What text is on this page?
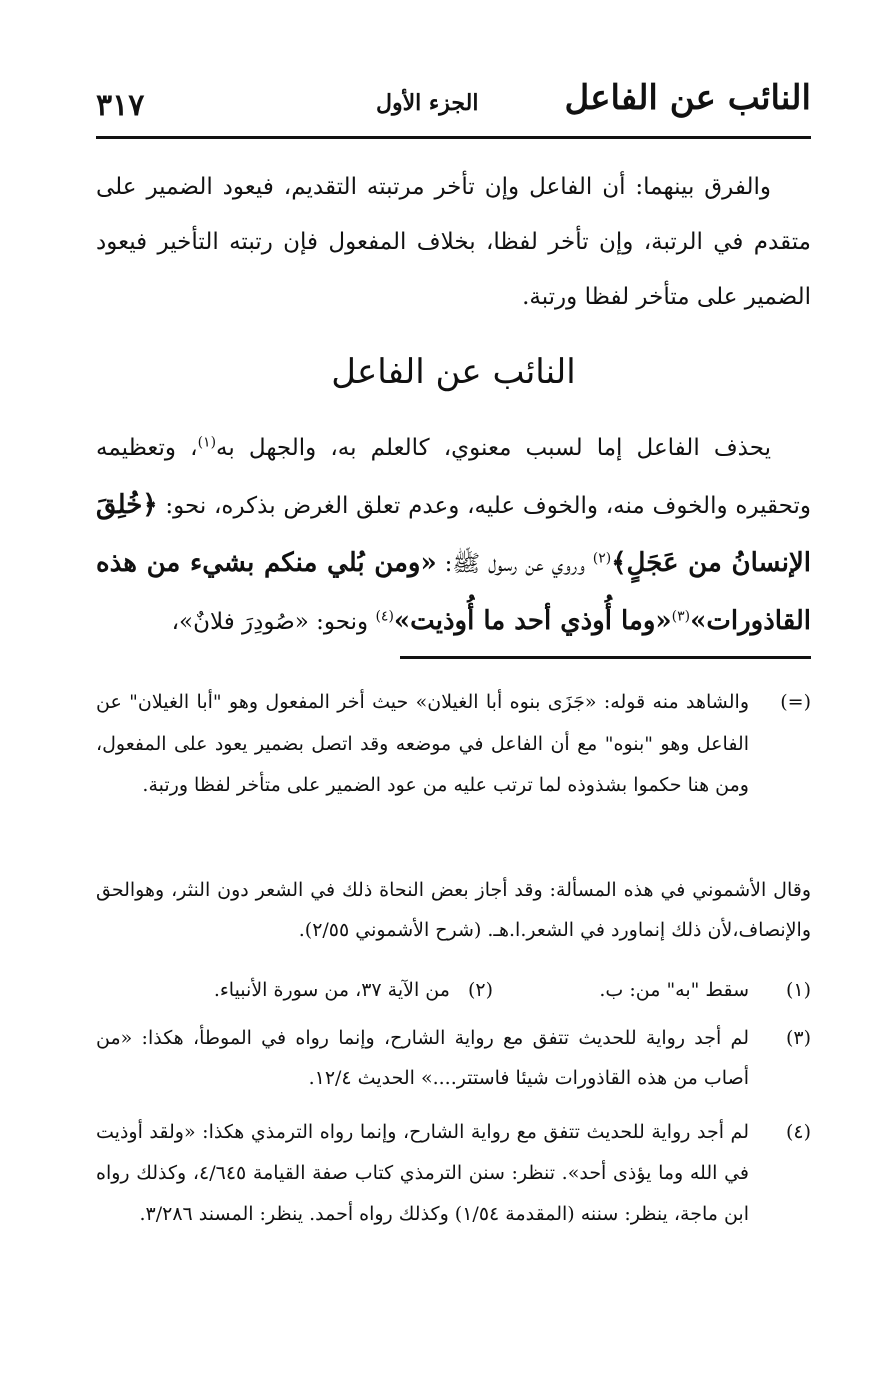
النائب عن الفاعل
الجزء الأول
٣١٧

والفرق بينهما: أن الفاعل وإن تأخر مرتبته التقديم، فيعود الضمير على متقدم في الرتبة، وإن تأخر لفظا، بخلاف المفعول فإن رتبته التأخير فيعود الضمير على متأخر لفظا ورتبة.

النائب عن الفاعل

يحذف الفاعل إما لسبب معنوي، كالعلم به، والجهل به$^{(١)}$، وتعظيمه وتحقيره والخوف منه، والخوف عليه، وعدم تعلق الغرض بذكره، نحو: ﴿خُلِقَ الإنسانُ من عَجَلٍ﴾$^{(٢)}$ وروي عن رسول ﷺ: «ومن بُلي منكم بشيء من هذه القاذورات»$^{(٣)}$«وما أُوذي أحد ما أُوذيت»$^{(٤)}$ ونحو: «صُودِرَ فلانٌ»،

(=)
والشاهد منه قوله: «جَزَى بنوه أبا الغيلان» حيث أخر المفعول وهو "أبا الغيلان" عن الفاعل وهو "بنوه" مع أن الفاعل في موضعه وقد اتصل بضمير يعود على المفعول، ومن هنا حكموا بشذوذه لما ترتب عليه من عود الضمير على متأخر لفظا ورتبة.
وقال الأشموني في هذه المسألة: وقد أجاز بعض النحاة ذلك في الشعر دون النثر، وهوالحق والإنصاف،لأن ذلك إنماورد في الشعر.ا.هـ. (شرح الأشموني ٢/٥٥).
(١)
سقط "به" من: ب.
(٢)من الآية ٣٧، من سورة الأنبياء.
(٣)
لم أجد رواية للحديث تتفق مع رواية الشارح، وإنما رواه في الموطأ، هكذا: «من أصاب من هذه القاذورات شيئا فاستتر....» الحديث ١٢/٤.
(٤)
لم أجد رواية للحديث تتفق مع رواية الشارح، وإنما رواه الترمذي هكذا: «ولقد أوذيت في الله وما يؤذى أحد». تنظر: سنن الترمذي كتاب صفة القيامة ٤/٦٤٥، وكذلك رواه ابن ماجة، ينظر: سننه (المقدمة ١/٥٤) وكذلك رواه أحمد. ينظر: المسند ٣/٢٨٦.
